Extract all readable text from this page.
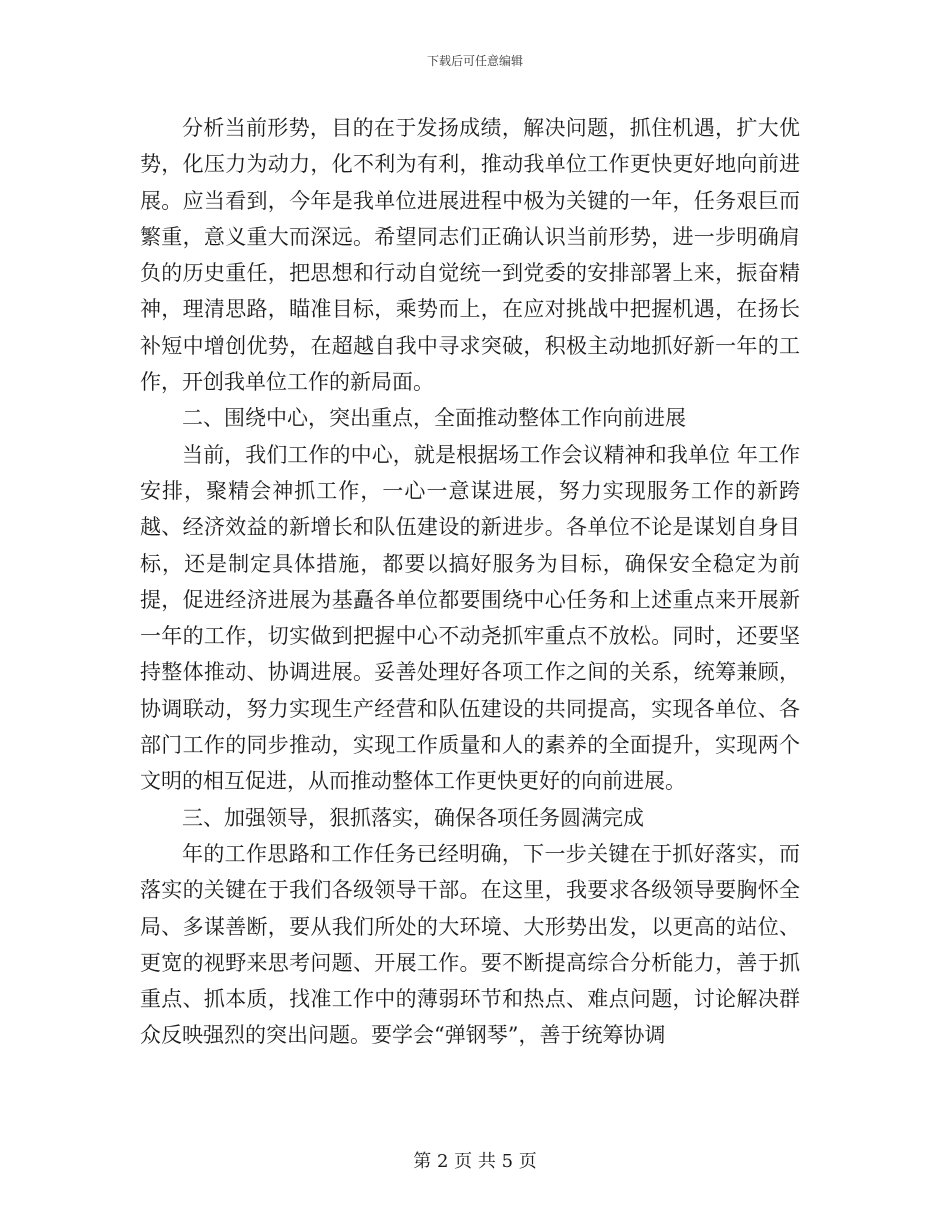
下载后可任意编辑

分析当前形势，目的在于发扬成绩，解决问题，抓住机遇，扩大优势，化压力为动力，化不利为有利，推动我单位工作更快更好地向前进展。应当看到，今年是我单位进展进程中极为关键的一年，任务艰巨而繁重，意义重大而深远。希望同志们正确认识当前形势，进一步明确肩负的历史重任，把思想和行动自觉统一到党委的安排部署上来，振奋精神，理清思路，瞄准目标，乘势而上，在应对挑战中把握机遇，在扬长补短中增创优势，在超越自我中寻求突破，积极主动地抓好新一年的工作，开创我单位工作的新局面。

二、围绕中心，突出重点，全面推动整体工作向前进展

当前，我们工作的中心，就是根据场工作会议精神和我单位 年工作安排，聚精会神抓工作，一心一意谋进展，努力实现服务工作的新跨越、经济效益的新增长和队伍建设的新进步。各单位不论是谋划自身目标，还是制定具体措施，都要以搞好服务为目标，确保安全稳定为前提，促进经济进展为基矗各单位都要围绕中心任务和上述重点来开展新一年的工作，切实做到把握中心不动尧抓牢重点不放松。同时，还要坚持整体推动、协调进展。妥善处理好各项工作之间的关系，统筹兼顾，协调联动，努力实现生产经营和队伍建设的共同提高，实现各单位、各部门工作的同步推动，实现工作质量和人的素养的全面提升，实现两个文明的相互促进，从而推动整体工作更快更好的向前进展。

三、加强领导，狠抓落实，确保各项任务圆满完成

年的工作思路和工作任务已经明确，下一步关键在于抓好落实，而落实的关键在于我们各级领导干部。在这里，我要求各级领导要胸怀全局、多谋善断，要从我们所处的大环境、大形势出发，以更高的站位、更宽的视野来思考问题、开展工作。要不断提高综合分析能力，善于抓重点、抓本质，找准工作中的薄弱环节和热点、难点问题，讨论解决群众反映强烈的突出问题。要学会“弹钢琴”，善于统筹协调

第 2 页 共 5 页
